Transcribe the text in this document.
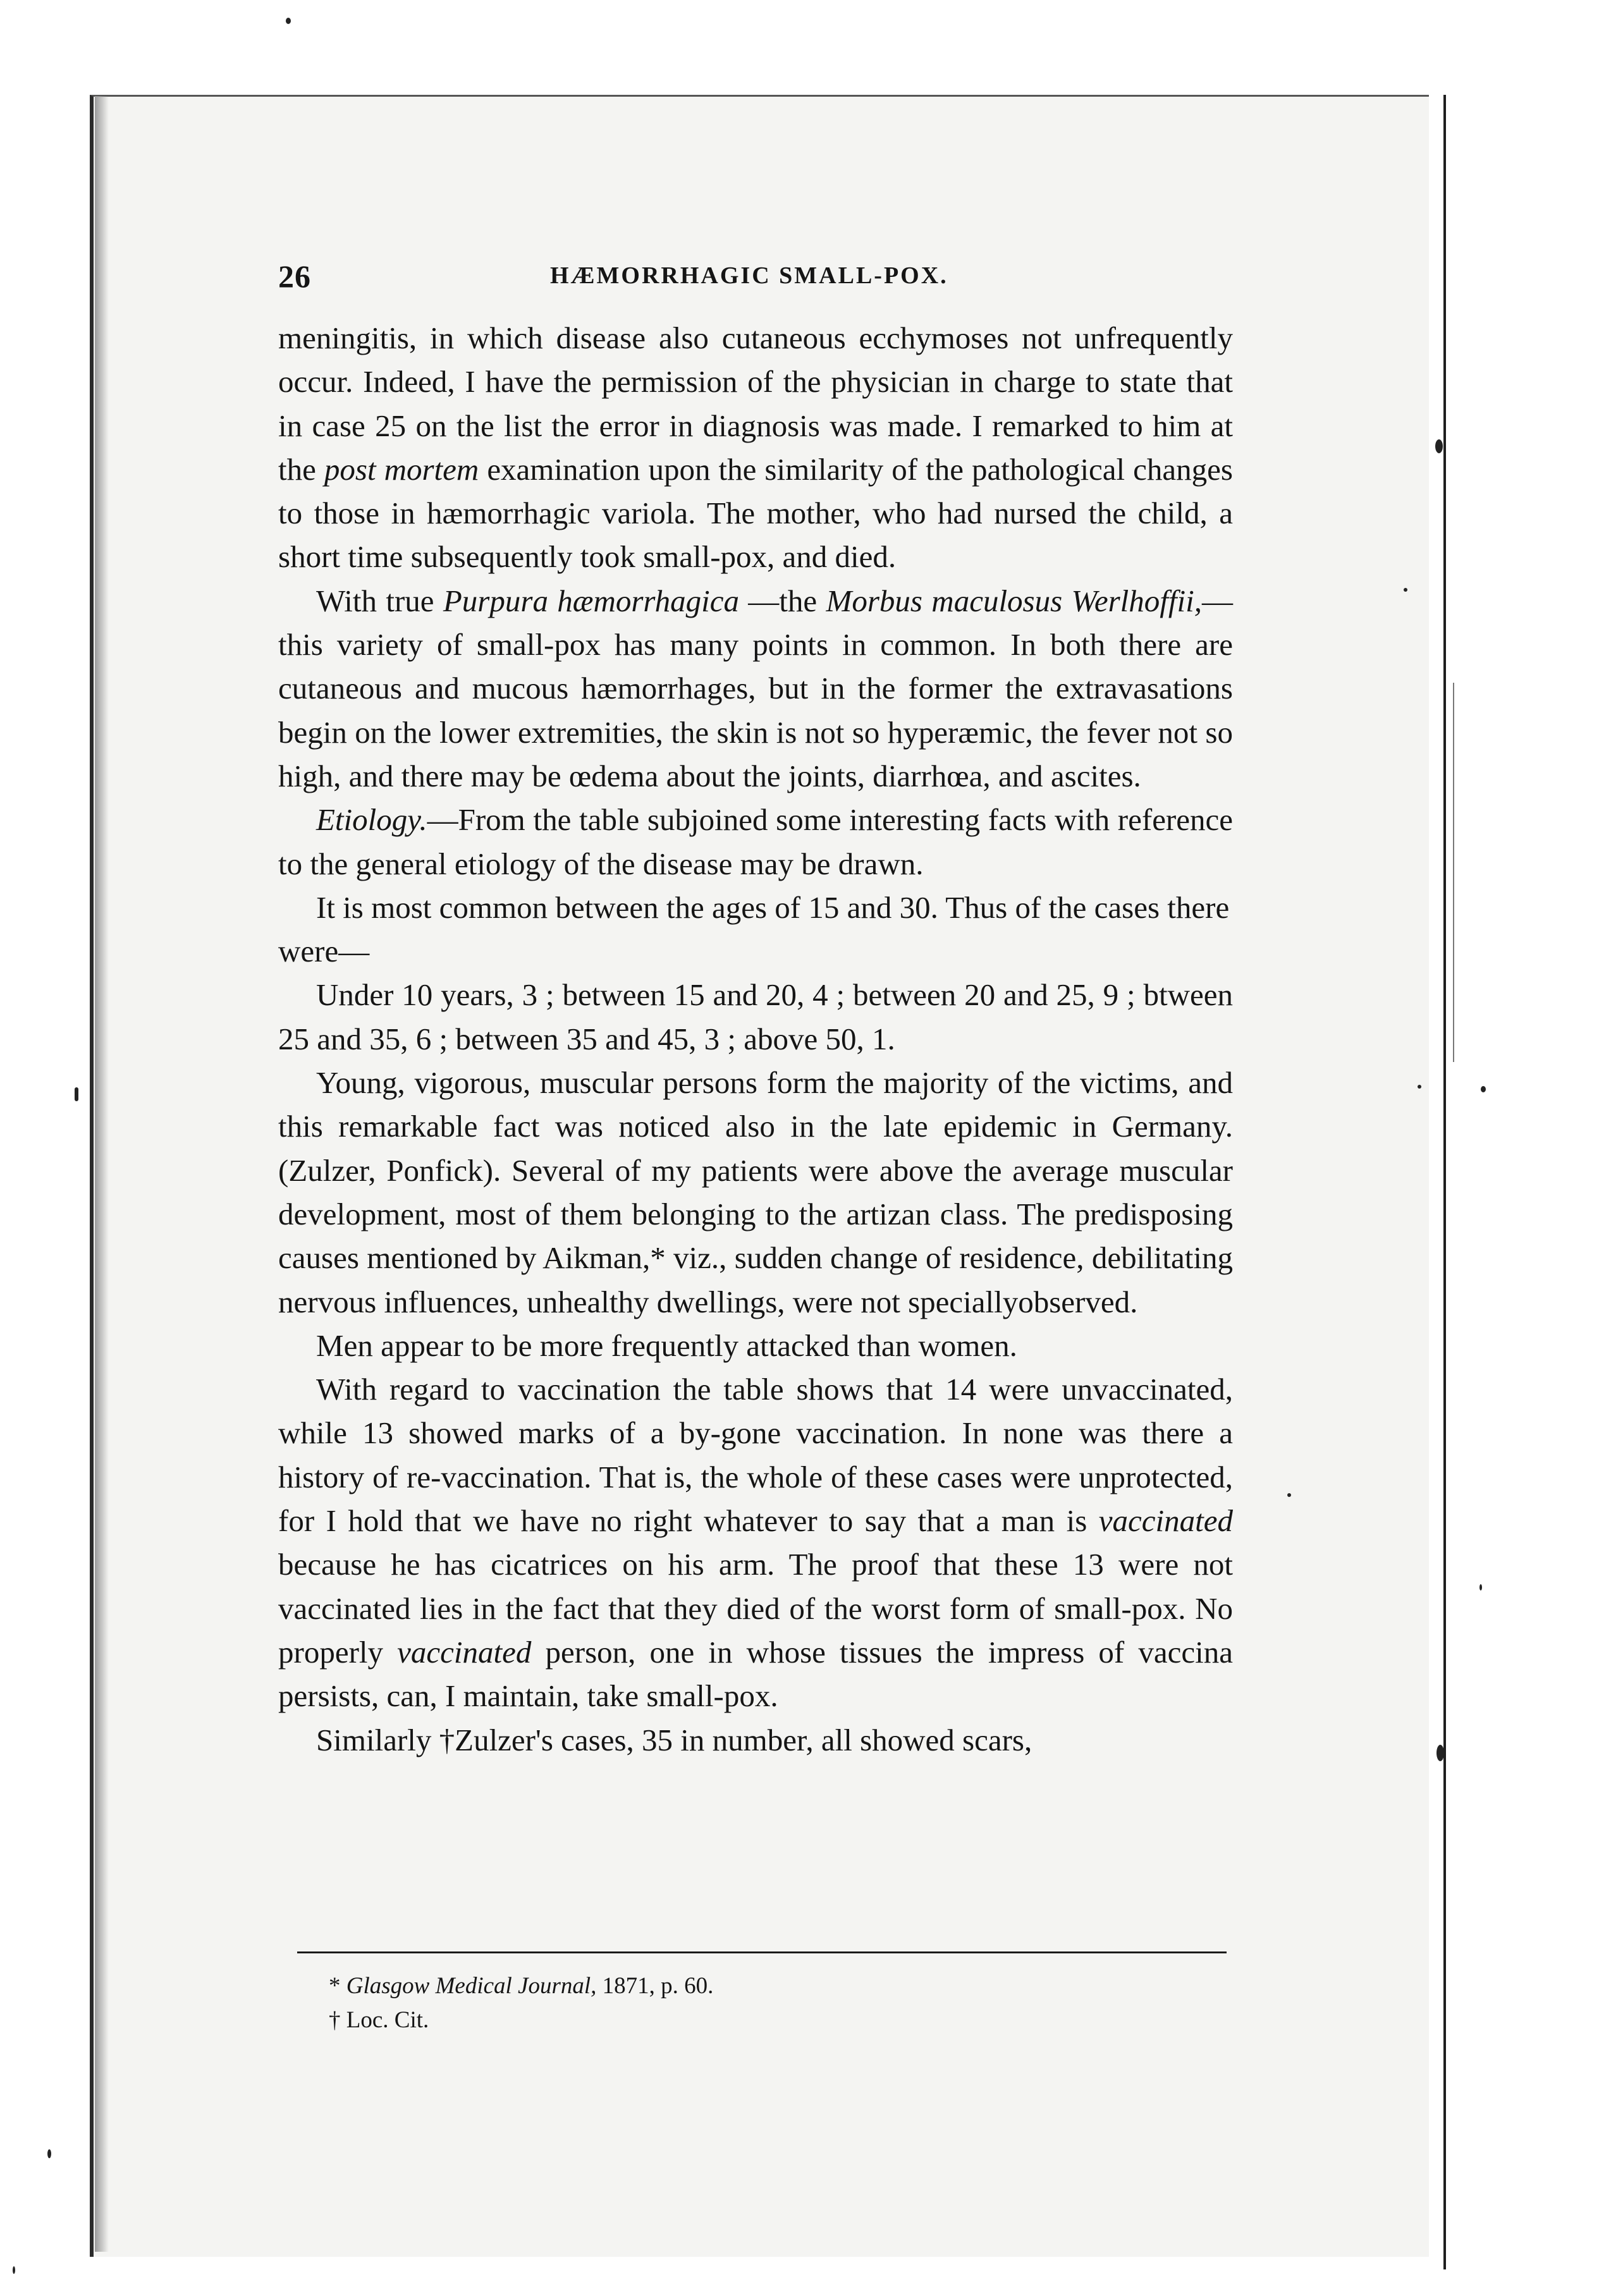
26	HÆMORRHAGIC SMALL-POX.

meningitis, in which disease also cutaneous ecchymoses not unfrequently occur. Indeed, I have the permission of the physician in charge to state that in case 25 on the list the error in diagnosis was made. I remarked to him at the post mortem examination upon the similarity of the pathological changes to those in hæmorrhagic variola. The mother, who had nursed the child, a short time subsequently took small-pox, and died.

With true Purpura hæmorrhagica —the Morbus maculosus Werlhoffii,—this variety of small-pox has many points in common. In both there are cutaneous and mucous hæmorrhages, but in the former the extravasations begin on the lower extremities, the skin is not so hyperæmic, the fever not so high, and there may be œdema about the joints, diarrhœa, and ascites.

Etiology.—From the table subjoined some interesting facts with reference to the general etiology of the disease may be drawn.

It is most common between the ages of 15 and 30. Thus of the cases there were—

Under 10 years, 3 ; between 15 and 20, 4 ; between 20 and 25, 9 ; btween 25 and 35, 6 ; between 35 and 45, 3 ; above 50, 1.

Young, vigorous, muscular persons form the majority of the victims, and this remarkable fact was noticed also in the late epidemic in Germany. (Zulzer, Ponfick). Several of my patients were above the average muscular development, most of them belonging to the artizan class. The predisposing causes mentioned by Aikman,* viz., sudden change of residence, debilitating nervous influences, unhealthy dwellings, were not speciallyobserved.

Men appear to be more frequently attacked than women.

With regard to vaccination the table shows that 14 were unvaccinated, while 13 showed marks of a by-gone vaccination. In none was there a history of re-vaccination. That is, the whole of these cases were unprotected, for I hold that we have no right whatever to say that a man is vaccinated because he has cicatrices on his arm. The proof that these 13 were not vaccinated lies in the fact that they died of the worst form of small-pox. No properly vaccinated person, one in whose tissues the impress of vaccina persists, can, I maintain, take small-pox.

Similarly †Zulzer's cases, 35 in number, all showed scars,

* Glasgow Medical Journal, 1871, p. 60.

† Loc. Cit.
